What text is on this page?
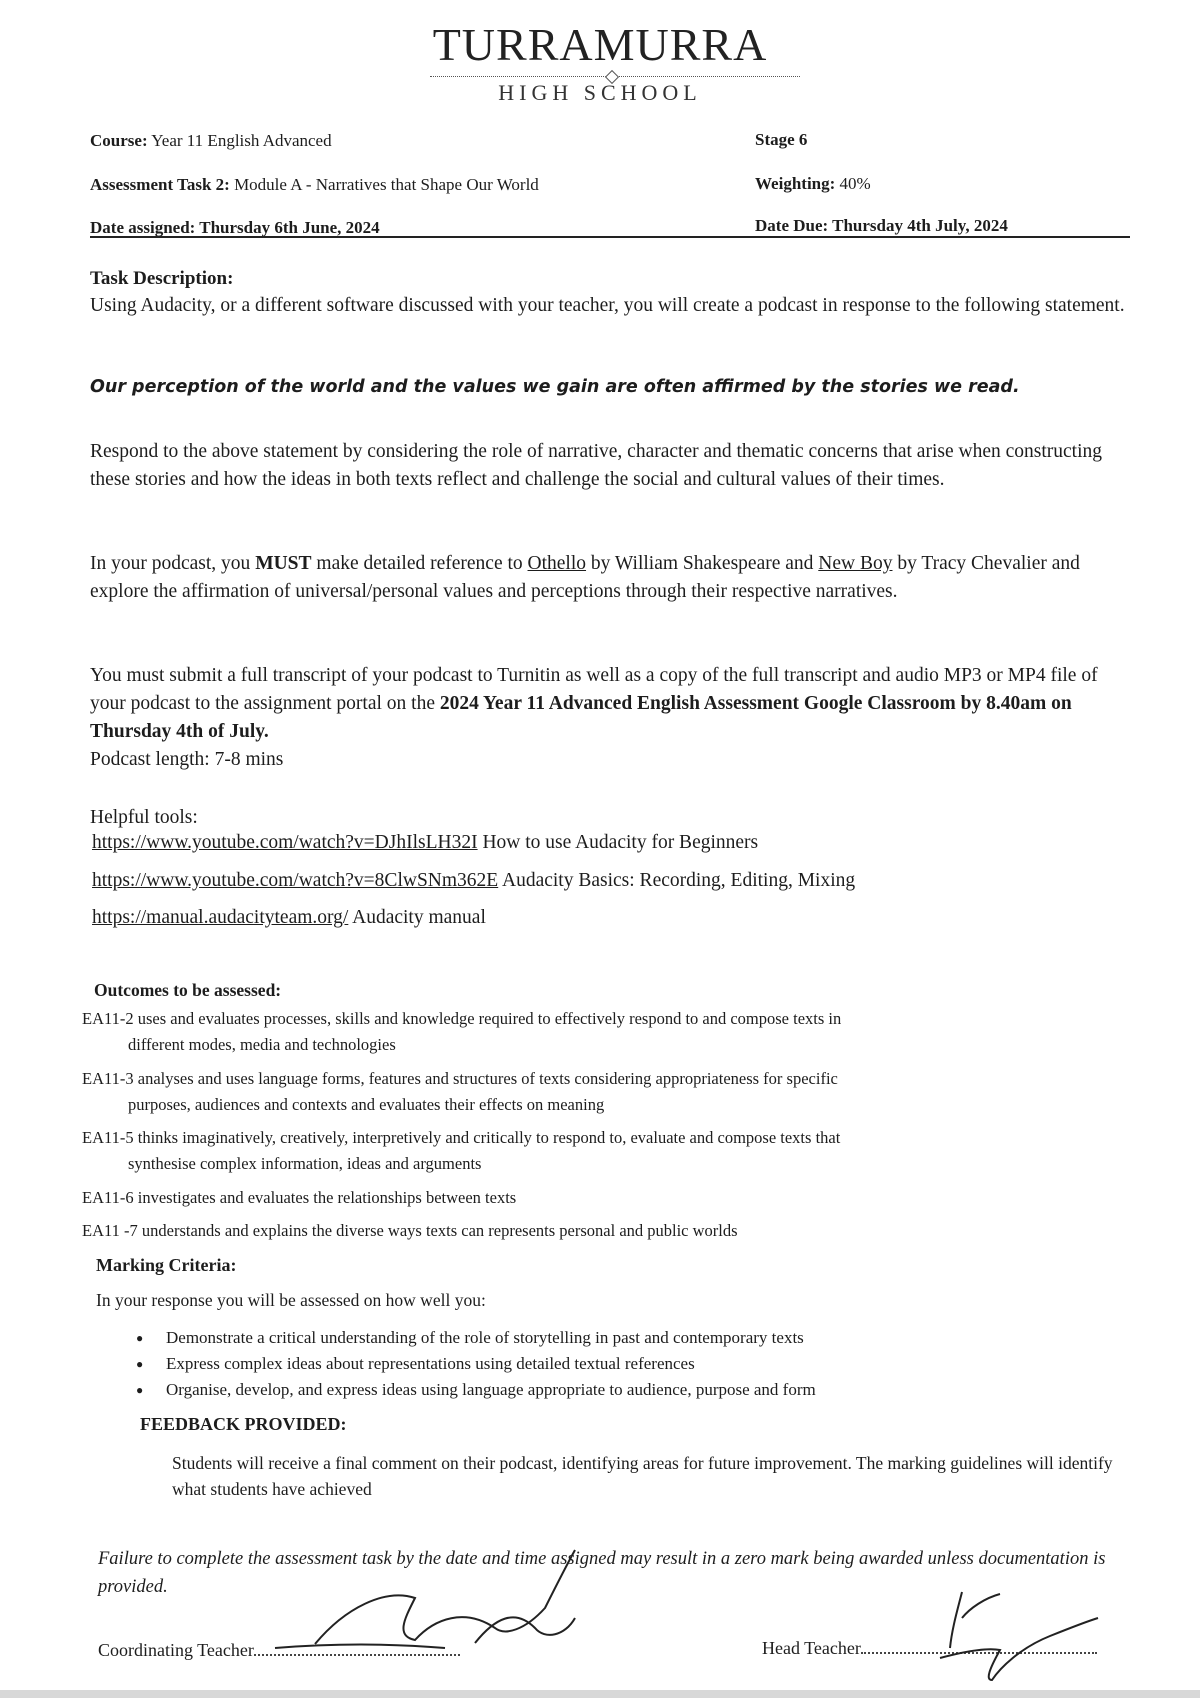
TURRAMURRA
HIGH SCHOOL
Course: Year 11 English Advanced	Stage 6
Assessment Task 2: Module A - Narratives that Shape Our World	Weighting: 40%
Date assigned: Thursday 6th June, 2024	Date Due: Thursday 4th July, 2024
Task Description:
Using Audacity, or a different software discussed with your teacher, you will create a podcast in response to the following statement.
Our perception of the world and the values we gain are often affirmed by the stories we read.
Respond to the above statement by considering the role of narrative, character and thematic concerns that arise when constructing these stories and how the ideas in both texts reflect and challenge the social and cultural values of their times.
In your podcast, you MUST make detailed reference to Othello by William Shakespeare and New Boy by Tracy Chevalier and explore the affirmation of universal/personal values and perceptions through their respective narratives.
You must submit a full transcript of your podcast to Turnitin as well as a copy of the full transcript and audio MP3 or MP4 file of your podcast to the assignment portal on the 2024 Year 11 Advanced English Assessment Google Classroom by 8.40am on Thursday 4th of July.
Podcast length: 7-8 mins
Helpful tools:
https://www.youtube.com/watch?v=DJhIlsLH32I How to use Audacity for Beginners
https://www.youtube.com/watch?v=8ClwSNm362E Audacity Basics: Recording, Editing, Mixing
https://manual.audacityteam.org/ Audacity manual
Outcomes to be assessed:
EA11-2 uses and evaluates processes, skills and knowledge required to effectively respond to and compose texts in
different modes, media and technologies
EA11-3 analyses and uses language forms, features and structures of texts considering appropriateness for specific
purposes, audiences and contexts and evaluates their effects on meaning
EA11-5 thinks imaginatively, creatively, interpretively and critically to respond to, evaluate and compose texts that
synthesise complex information, ideas and arguments
EA11-6 investigates and evaluates the relationships between texts
EA11 -7 understands and explains the diverse ways texts can represents personal and public worlds
Marking Criteria:
In your response you will be assessed on how well you:
● Demonstrate a critical understanding of the role of storytelling in past and contemporary texts
● Express complex ideas about representations using detailed textual references
● Organise, develop, and express ideas using language appropriate to audience, purpose and form
FEEDBACK PROVIDED:
Students will receive a final comment on their podcast, identifying areas for future improvement. The marking guidelines will identify what students have achieved
Failure to complete the assessment task by the date and time assigned may result in a zero mark being awarded unless documentation is provided.
Coordinating Teacher	Head Teacher
